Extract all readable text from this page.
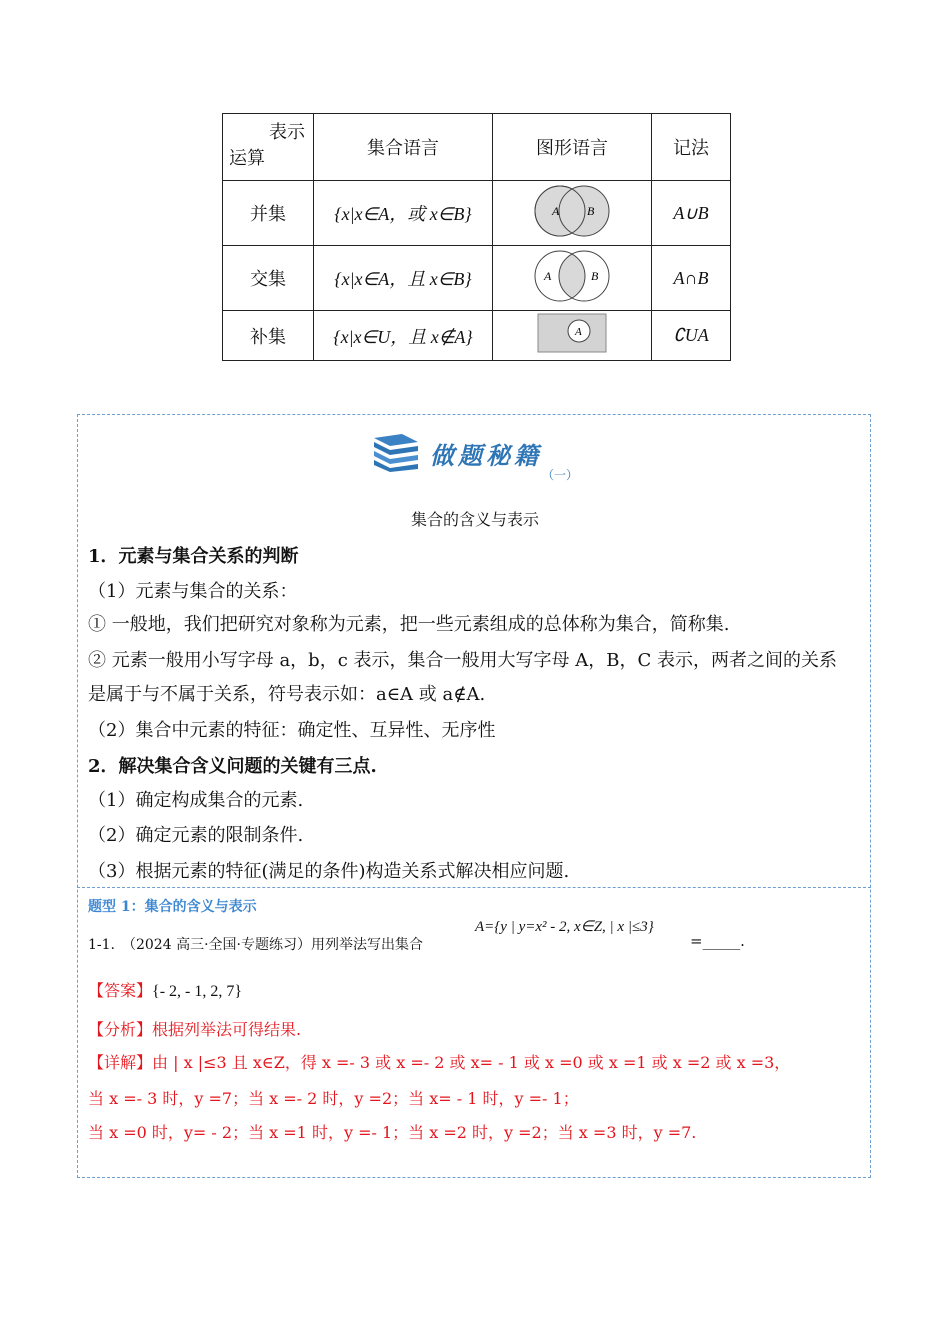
表示
运算	集合语言	图形语言	记法
并集	{x|x∈A，或 x∈B}	A B	A∪B
交集	{x|x∈A，且 x∈B}	A B	A∩B
补集	{x|x∈U，且 x∉A}	A	∁UA
做题秘籍
（一）
集合的含义与表示
1．元素与集合关系的判断
（1）元素与集合的关系：
① 一般地，我们把研究对象称为元素，把一些元素组成的总体称为集合，简称集.
② 元素一般用小写字母 a，b，c 表示，集合一般用大写字母 A，B，C 表示，两者之间的关系
是属于与不属于关系，符号表示如：a∈A 或 a∉A.
（2）集合中元素的特征：确定性、互异性、无序性
2．解决集合含义问题的关键有三点.
（1）确定构成集合的元素.
（2）确定元素的限制条件.
（3）根据元素的特征(满足的条件)构造关系式解决相应问题.
题型 1：集合的含义与表示
1-1.　（2024 高三·全国·专题练习）用列举法写出集合
A={y | y=x² - 2, x∈Z, | x |≤3}
=_____.
【答案】{- 2, - 1, 2, 7}
【分析】根据列举法可得结果.
【详解】由 | x |≤3 且 x∈Z，得 x =- 3 或 x =- 2 或 x= - 1 或 x =0 或 x =1 或 x =2 或 x =3，
当 x =- 3 时，y =7；当 x =- 2 时，y =2；当 x= - 1 时，y =- 1；
当 x =0 时，y= - 2；当 x =1 时，y =- 1；当 x =2 时，y =2；当 x =3 时，y =7.
